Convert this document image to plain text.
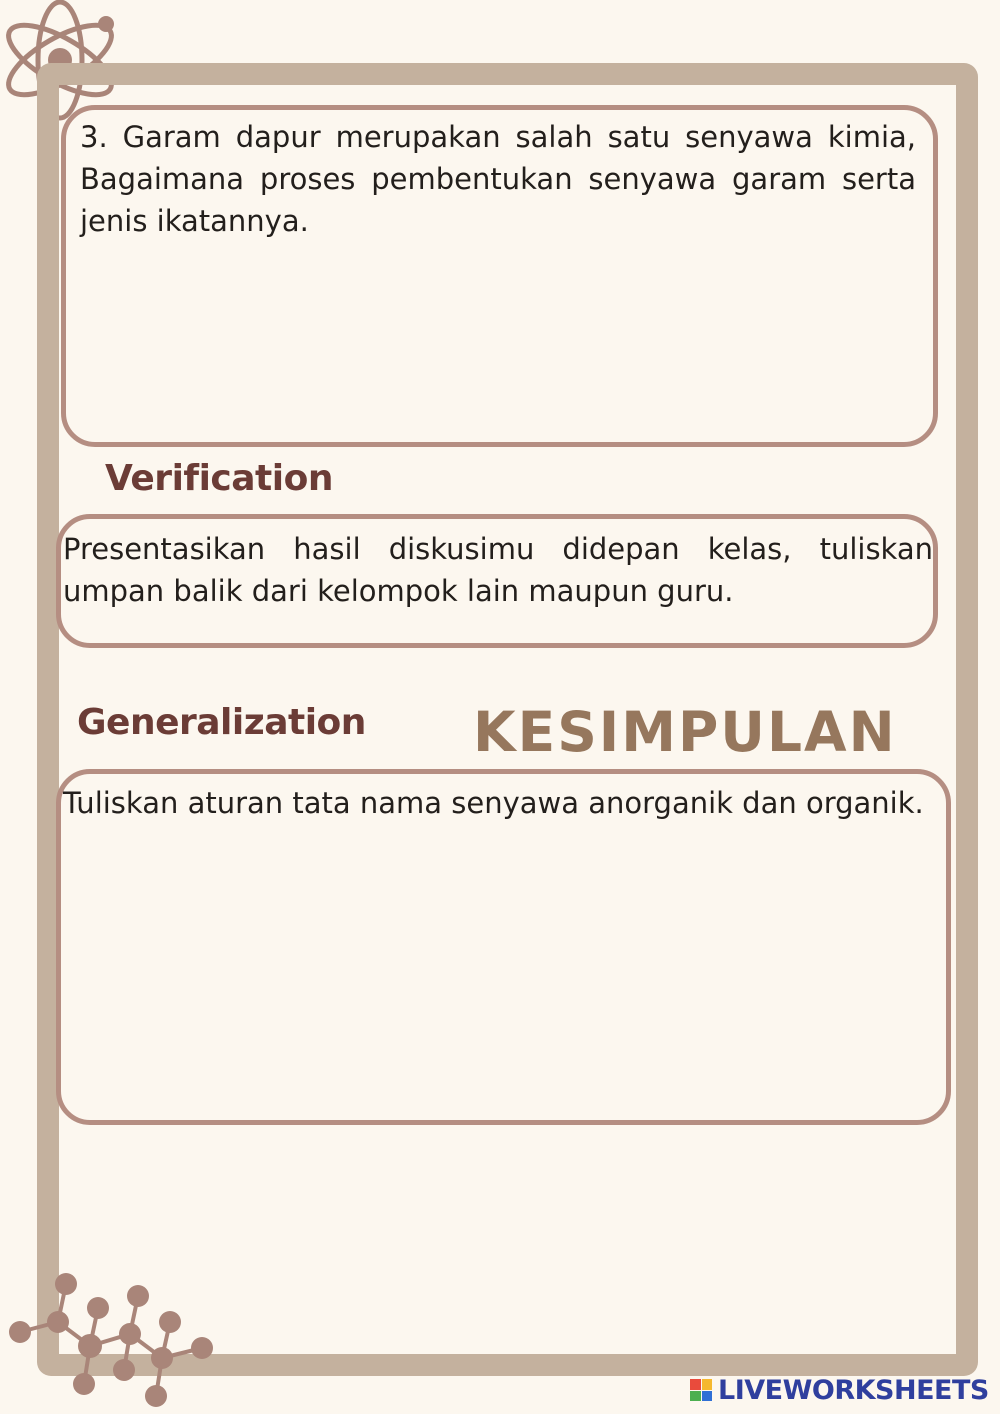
3. Garam dapur merupakan salah satu senyawa kimia, Bagaimana proses pembentukan senyawa garam serta jenis ikatannya.
Verification
Presentasikan hasil diskusimu didepan kelas, tuliskan umpan balik dari kelompok lain maupun guru.
Generalization KESIMPULAN
Tuliskan aturan tata nama senyawa anorganik dan organik.
LIVEWORKSHEETS
